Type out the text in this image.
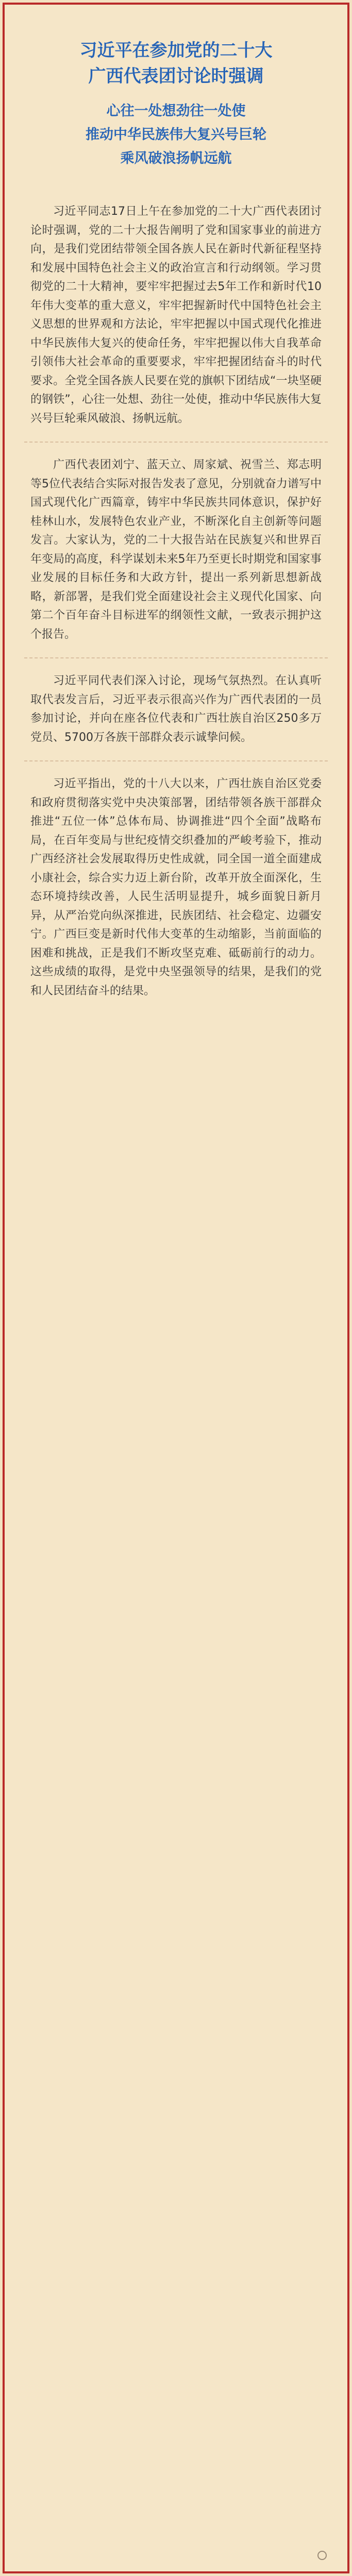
习近平在参加党的二十大
广西代表团讨论时强调
心往一处想劲往一处使
推动中华民族伟大复兴号巨轮
乘风破浪扬帆远航

习近平同志17日上午在参加党的二十大广西代表团讨论时强调，党的二十大报告阐明了党和国家事业的前进方向，是我们党团结带领全国各族人民在新时代新征程坚持和发展中国特色社会主义的政治宣言和行动纲领。学习贯彻党的二十大精神，要牢牢把握过去5年工作和新时代10年伟大变革的重大意义，牢牢把握新时代中国特色社会主义思想的世界观和方法论，牢牢把握以中国式现代化推进中华民族伟大复兴的使命任务，牢牢把握以伟大自我革命引领伟大社会革命的重要要求，牢牢把握团结奋斗的时代要求。全党全国各族人民要在党的旗帜下团结成“一块坚硬的钢铁”，心往一处想、劲往一处使，推动中华民族伟大复兴号巨轮乘风破浪、扬帆远航。

广西代表团刘宁、蓝天立、周家斌、祝雪兰、郑志明等5位代表结合实际对报告发表了意见，分别就奋力谱写中国式现代化广西篇章，铸牢中华民族共同体意识，保护好桂林山水，发展特色农业产业，不断深化自主创新等问题发言。大家认为，党的二十大报告站在民族复兴和世界百年变局的高度，科学谋划未来5年乃至更长时期党和国家事业发展的目标任务和大政方针，提出一系列新思想新战略，新部署，是我们党全面建设社会主义现代化国家、向第二个百年奋斗目标进军的纲领性文献，一致表示拥护这个报告。

习近平同代表们深入讨论，现场气氛热烈。在认真听取代表发言后，习近平表示很高兴作为广西代表团的一员参加讨论，并向在座各位代表和广西壮族自治区250多万党员、5700万各族干部群众表示诚挚问候。

习近平指出，党的十八大以来，广西壮族自治区党委和政府贯彻落实党中央决策部署，团结带领各族干部群众推进“五位一体”总体布局、协调推进“四个全面”战略布局，在百年变局与世纪疫情交织叠加的严峻考验下，推动广西经济社会发展取得历史性成就，同全国一道全面建成小康社会，综合实力迈上新台阶，改革开放全面深化，生态环境持续改善，人民生活明显提升，城乡面貌日新月异，从严治党向纵深推进，民族团结、社会稳定、边疆安宁。广西巨变是新时代伟大变革的生动缩影，当前面临的困难和挑战，正是我们不断攻坚克难、砥砺前行的动力。这些成绩的取得，是党中央坚强领导的结果，是我们的党和人民团结奋斗的结果。
